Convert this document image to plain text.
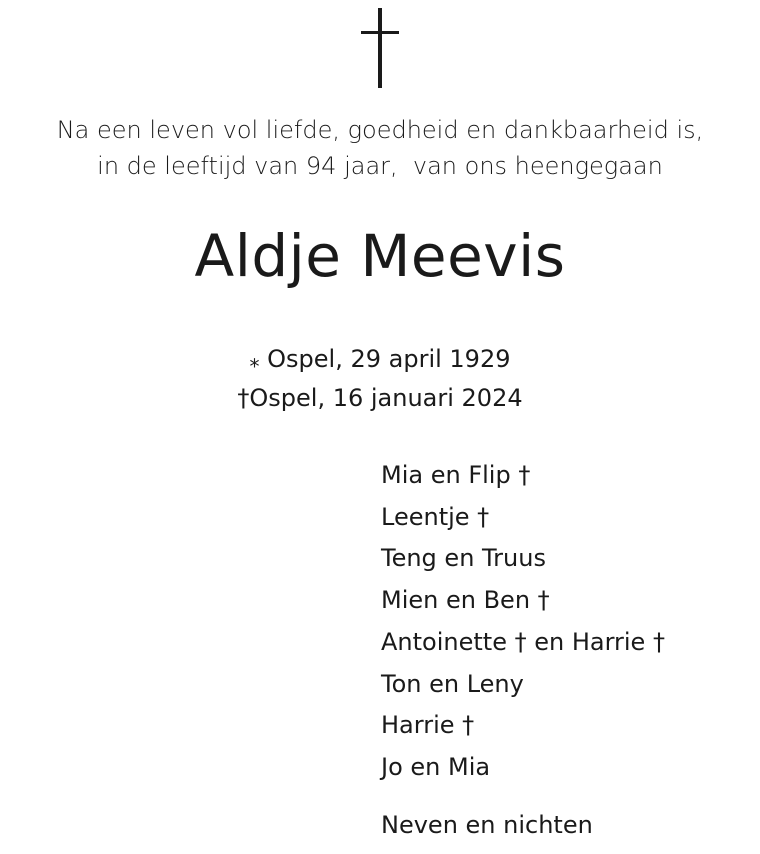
Na een leven vol liefde, goedheid en dankbaarheid is,
in de leeftijd van 94 jaar,  van ons heengegaan
Aldje Meevis
⁎ Ospel, 29 april 1929
†Ospel, 16 januari 2024
Mia en Flip †
Leentje †
Teng en Truus
Mien en Ben †
Antoinette † en Harrie †
Ton en Leny
Harrie †
Jo en Mia
Neven en nichten
